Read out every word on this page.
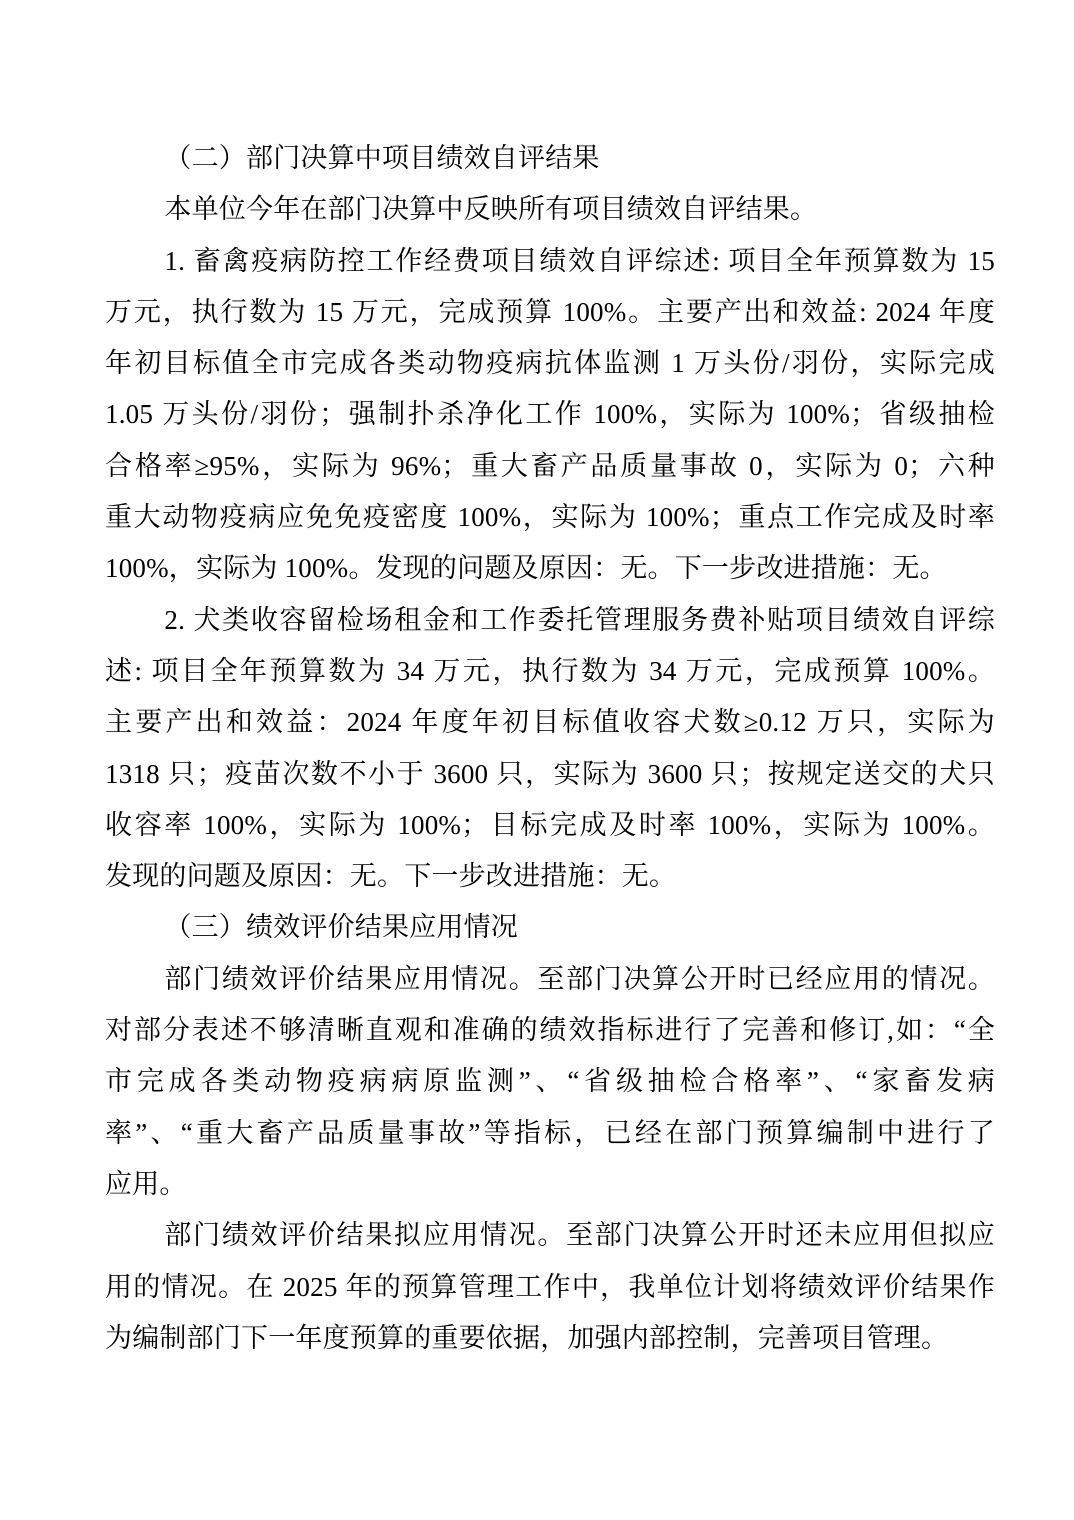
（二）部门决算中项目绩效自评结果
本单位今年在部门决算中反映所有项目绩效自评结果。
1. 畜禽疫病防控工作经费项目绩效自评综述: 项目全年预算数为 15
万元，执行数为 15 万元，完成预算 100%。主要产出和效益: 2024 年度
年初目标值全市完成各类动物疫病抗体监测 1 万头份/羽份，实际完成
1.05 万头份/羽份；强制扑杀净化工作 100%，实际为 100%；省级抽检
合格率≥95%，实际为 96%；重大畜产品质量事故 0，实际为 0；六种
重大动物疫病应免免疫密度 100%，实际为 100%；重点工作完成及时率
100%，实际为 100%。发现的问题及原因：无。下一步改进措施：无。
2. 犬类收容留检场租金和工作委托管理服务费补贴项目绩效自评综
述: 项目全年预算数为 34 万元，执行数为 34 万元，完成预算 100%。
主要产出和效益：2024 年度年初目标值收容犬数≥0.12 万只，实际为
1318 只；疫苗次数不小于 3600 只，实际为 3600 只；按规定送交的犬只
收容率 100%，实际为 100%；目标完成及时率 100%，实际为 100%。
发现的问题及原因：无。下一步改进措施：无。
（三）绩效评价结果应用情况
部门绩效评价结果应用情况。至部门决算公开时已经应用的情况。
对部分表述不够清晰直观和准确的绩效指标进行了完善和修订,如：“全
市完成各类动物疫病病原监测”、“省级抽检合格率”、“家畜发病
率”、“重大畜产品质量事故”等指标，已经在部门预算编制中进行了
应用。
部门绩效评价结果拟应用情况。至部门决算公开时还未应用但拟应
用的情况。在 2025 年的预算管理工作中，我单位计划将绩效评价结果作
为编制部门下一年度预算的重要依据，加强内部控制，完善项目管理。
